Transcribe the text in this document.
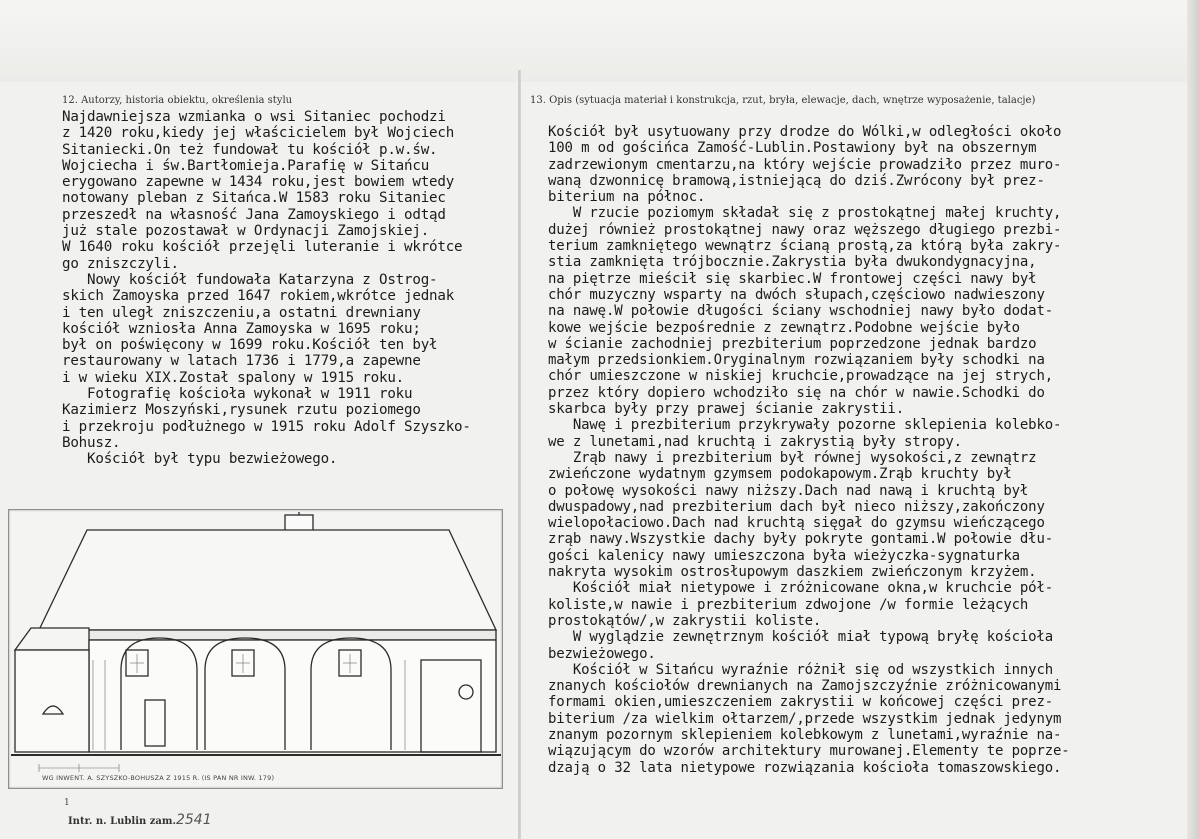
12. Autorzy, historia obiektu, określenia stylu	13. Opis (sytuacja materiał i konstrukcja, rzut, bryła, elewacje, dach, wnętrze wyposażenie, talacje)
Najdawniejsza wzmianka o wsi Sitaniec pochodzi
z 1420 roku,kiedy jej właścicielem był Wojciech
Sitaniecki.On też fundował tu kościół p.w.św.
Wojciecha i św.Bartłomieja.Parafię w Sitańcu
erygowano zapewne w 1434 roku,jest bowiem wtedy
notowany pleban z Sitańca.W 1583 roku Sitaniec
przeszedł na własność Jana Zamoyskiego i odtąd
już stale pozostawał w Ordynacji Zamojskiej.
W 1640 roku kościół przejęli luteranie i wkrótce
go zniszczyli.
Nowy kościół fundowała Katarzyna z Ostrog-
skich Zamoyska przed 1647 rokiem,wkrótce jednak
i ten uległ zniszczeniu,a ostatni drewniany
kościół wzniosła Anna Zamoyska w 1695 roku;
był on poświęcony w 1699 roku.Kościół ten był
restaurowany w latach 1736 i 1779,a zapewne
i w wieku XIX.Został spalony w 1915 roku.
Fotografię kościoła wykonał w 1911 roku
Kazimierz Moszyński,rysunek rzutu poziomego
i przekroju podłużnego w 1915 roku Adolf Szyszko-
Bohusz.
Kościół był typu bezwieżowego.
Kościół był usytuowany przy drodze do Wólki,w odległości około
100 m od gościńca Zamość-Lublin.Postawiony był na obszernym
zadrzewionym cmentarzu,na który wejście prowadziło przez muro-
waną dzwonnicę bramową,istniejącą do dziś.Zwrócony był prez-
biterium na północ.
W rzucie poziomym składał się z prostokątnej małej kruchty,
dużej również prostokątnej nawy oraz węższego długiego prezbi-
terium zamkniętego wewnątrz ścianą prostą,za którą była zakry-
stia zamknięta trójbocznie.Zakrystia była dwukondygnacyjna,
na piętrze mieścił się skarbiec.W frontowej części nawy był
chór muzyczny wsparty na dwóch słupach,częściowo nadwieszony
na nawę.W połowie długości ściany wschodniej nawy było dodat-
kowe wejście bezpośrednie z zewnątrz.Podobne wejście było
w ścianie zachodniej prezbiterium poprzedzone jednak bardzo
małym przedsionkiem.Oryginalnym rozwiązaniem były schodki na
chór umieszczone w niskiej kruchcie,prowadzące na jej strych,
przez który dopiero wchodziło się na chór w nawie.Schodki do
skarbca były przy prawej ścianie zakrystii.
Nawę i prezbiterium przykrywały pozorne sklepienia kolebko-
we z lunetami,nad kruchtą i zakrystią były stropy.
Zrąb nawy i prezbiterium był równej wysokości,z zewnątrz
zwieńczone wydatnym gzymsem podokapowym.Zrąb kruchty był
o połowę wysokości nawy niższy.Dach nad nawą i kruchtą był
dwuspadowy,nad prezbiterium dach był nieco niższy,zakończony
wielopołaciowo.Dach nad kruchtą sięgał do gzymsu wieńczącego
zrąb nawy.Wszystkie dachy były pokryte gontami.W połowie dłu-
gości kalenicy nawy umieszczona była wieżyczka-sygnaturka
nakryta wysokim ostrosłupowym daszkiem zwieńczonym krzyżem.
Kościół miał nietypowe i zróżnicowane okna,w kruchcie pół-
koliste,w nawie i prezbiterium zdwojone /w formie leżących
prostokątów/,w zakrystii koliste.
W wyglądzie zewnętrznym kościół miał typową bryłę kościoła
bezwieżowego.
Kościół w Sitańcu wyraźnie różnił się od wszystkich innych
znanych kościołów drewnianych na Zamojszczyźnie zróżnicowanymi
formami okien,umieszczeniem zakrystii w końcowej części prez-
biterium /za wielkim ołtarzem/,przede wszystkim jednak jedynym
znanym pozornym sklepieniem kolebkowym z lunetami,wyraźnie na-
wiązującym do wzorów architektury murowanej.Elementy te poprze-
dzają o 32 lata nietypowe rozwiązania kościoła tomaszowskiego.
WG INWENT. A. SZYSZKO-BOHUSZA Z 1915 R. (IS PAN NR INW. 179)
1
Intr. n. Lublin zam.2541
